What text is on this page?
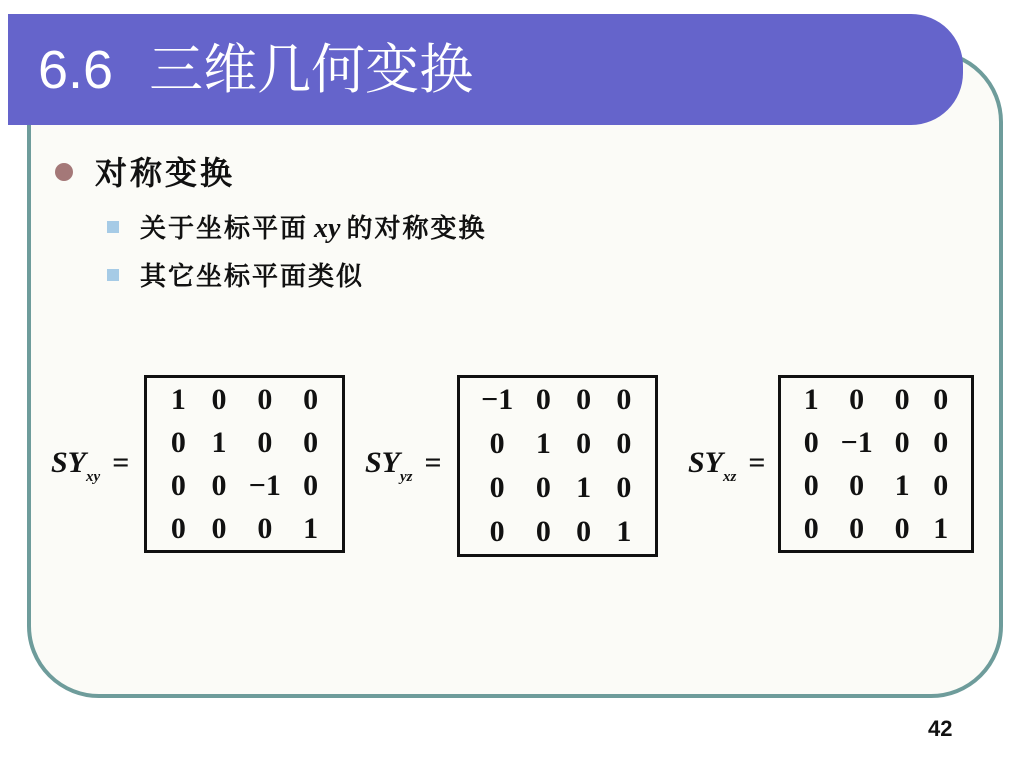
6.6 三维几何变换

对称变换

关于坐标平面 xy 的对称变换

其它坐标平面类似

$SY_{xy}$ =
1 0	0	0
0 1	0	0
0 0 −1 0
0 0	0	1
$SY_{yz}$ =
−1 0 0 0
0	1 0 0
0	0 1 0
0	0 0 1
$SY_{xz}$ =
1	0	0 0
0 −1 0 0
0	0	1 0
0	0	0 1
42
